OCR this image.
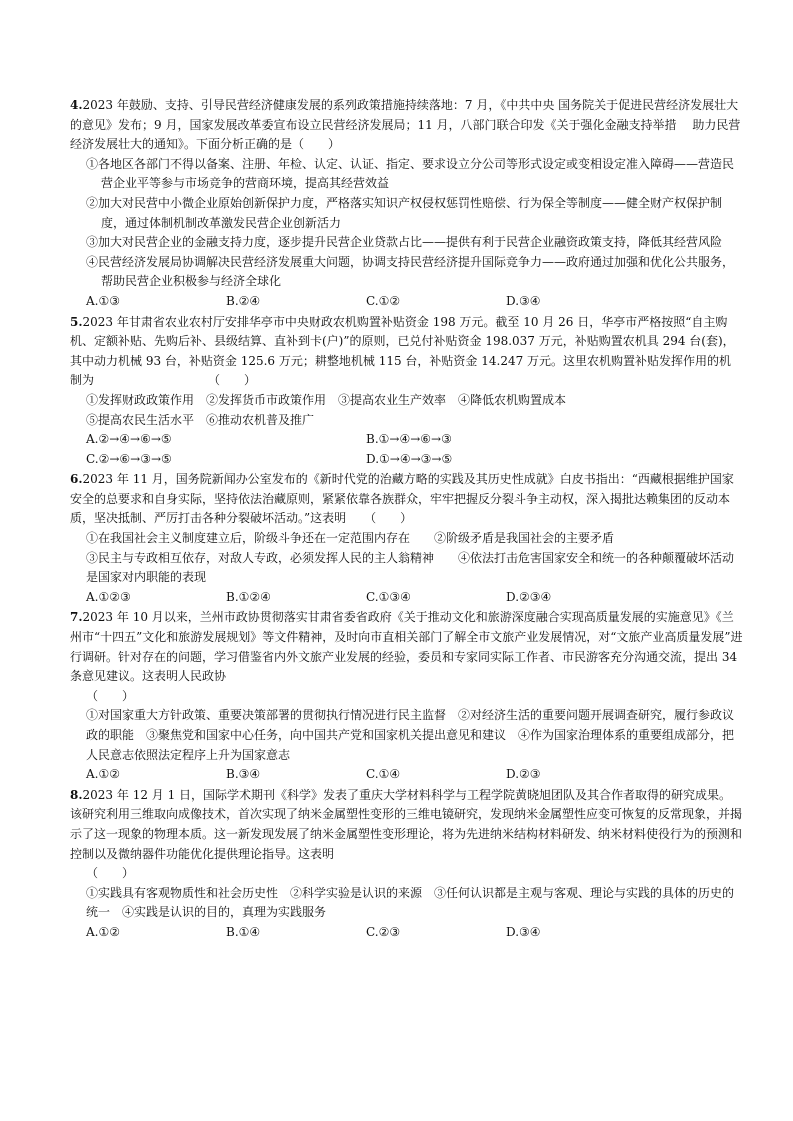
4.2023 年鼓励、支持、引导民营经济健康发展的系列政策措施持续落地：7 月，《中共中央 国务院关于促进民营经济发展壮大的意见》发布；9 月，国家发展改革委宣布设立民营经济发展局；11 月，八部门联合印发《关于强化金融支持举措　 助力民营经济发展壮大的通知》。下面分析正确的是（　　）
①各地区各部门不得以备案、注册、年检、认定、认证、指定、要求设立分公司等形式设定或变相设定准入障碍——营造民营企业平等参与市场竞争的营商环境，提高其经营效益
②加大对民营中小微企业原始创新保护力度，严格落实知识产权侵权惩罚性赔偿、行为保全等制度——健全财产权保护制度，通过体制机制改革激发民营企业创新活力
③加大对民营企业的金融支持力度，逐步提升民营企业贷款占比——提供有利于民营企业融资政策支持，降低其经营风险
④民营经济发展局协调解决民营经济发展重大问题，协调支持民营经济提升国际竞争力——政府通过加强和优化公共服务，帮助民营企业积极参与经济全球化
A.①③	B.②④	C.①②	D.③④
5.2023 年甘肃省农业农村厅安排华亭市中央财政农机购置补贴资金 198 万元。截至 10 月 26 日，华亭市严格按照“自主购机、定额补贴、先购后补、县级结算、直补到卡(户)”的原则，已兑付补贴资金 198.037 万元，补贴购置农机具 294 台(套)，其中动力机械 93 台，补贴资金 125.6 万元；耕整地机械 115 台，补贴资金 14.247 万元。这里农机购置补贴发挥作用的机制为　　　　　　　　　　（　　）
①发挥财政政策作用　②发挥货币市政策作用　③提高农业生产效率　④降低农机购置成本
⑤提高农民生活水平　⑥推动农机普及推广
A.②→④→⑥→⑤	B.①→④→⑥→③
C.②→⑥→③→⑤	D.①→④→③→⑤
6.2023 年 11 月，国务院新闻办公室发布的《新时代党的治藏方略的实践及其历史性成就》白皮书指出：“西藏根据维护国家安全的总要求和自身实际，坚持依法治藏原则，紧紧依靠各族群众，牢牢把握反分裂斗争主动权，深入揭批达赖集团的反动本质，坚决抵制、严厉打击各种分裂破坏活动。”这表明　　（　　）
①在我国社会主义制度建立后，阶级斗争还在一定范围内存在　　②阶级矛盾是我国社会的主要矛盾
③民主与专政相互依存，对敌人专政，必须发挥人民的主人翁精神　　④依法打击危害国家安全和统一的各种颠覆破坏活动是国家对内职能的表现
A.①②③	B.①②④	C.①③④	D.②③④
7.2023 年 10 月以来，兰州市政协贯彻落实甘肃省委省政府《关于推动文化和旅游深度融合实现高质量发展的实施意见》《兰州市“十四五”文化和旅游发展规划》等文件精神，及时向市直相关部门了解全市文旅产业发展情况，对“文旅产业高质量发展”进行调研。针对存在的问题，学习借鉴省内外文旅产业发展的经验，委员和专家同实际工作者、市民游客充分沟通交流，提出 34 条意见建议。这表明人民政协
（　　）
①对国家重大方针政策、重要决策部署的贯彻执行情况进行民主监督　②对经济生活的重要问题开展调查研究，履行参政议政的职能　③聚焦党和国家中心任务，向中国共产党和国家机关提出意见和建议　④作为国家治理体系的重要组成部分，把人民意志依照法定程序上升为国家意志
A.①②	B.③④	C.①④	D.②③
8.2023 年 12 月 1 日，国际学术期刊《科学》发表了重庆大学材料科学与工程学院黄晓旭团队及其合作者取得的研究成果。该研究利用三维取向成像技术，首次实现了纳米金属塑性变形的三维电镜研究，发现纳米金属塑性应变可恢复的反常现象，并揭示了这一现象的物理本质。这一新发现发展了纳米金属塑性变形理论，将为先进纳米结构材料研发、纳米材料使役行为的预测和控制以及微纳器件功能优化提供理论指导。这表明
（　　）
①实践具有客观物质性和社会历史性　②科学实验是认识的来源　③任何认识都是主观与客观、理论与实践的具体的历史的统一　④实践是认识的目的，真理为实践服务
A.①②	B.①④	C.②③	D.③④
